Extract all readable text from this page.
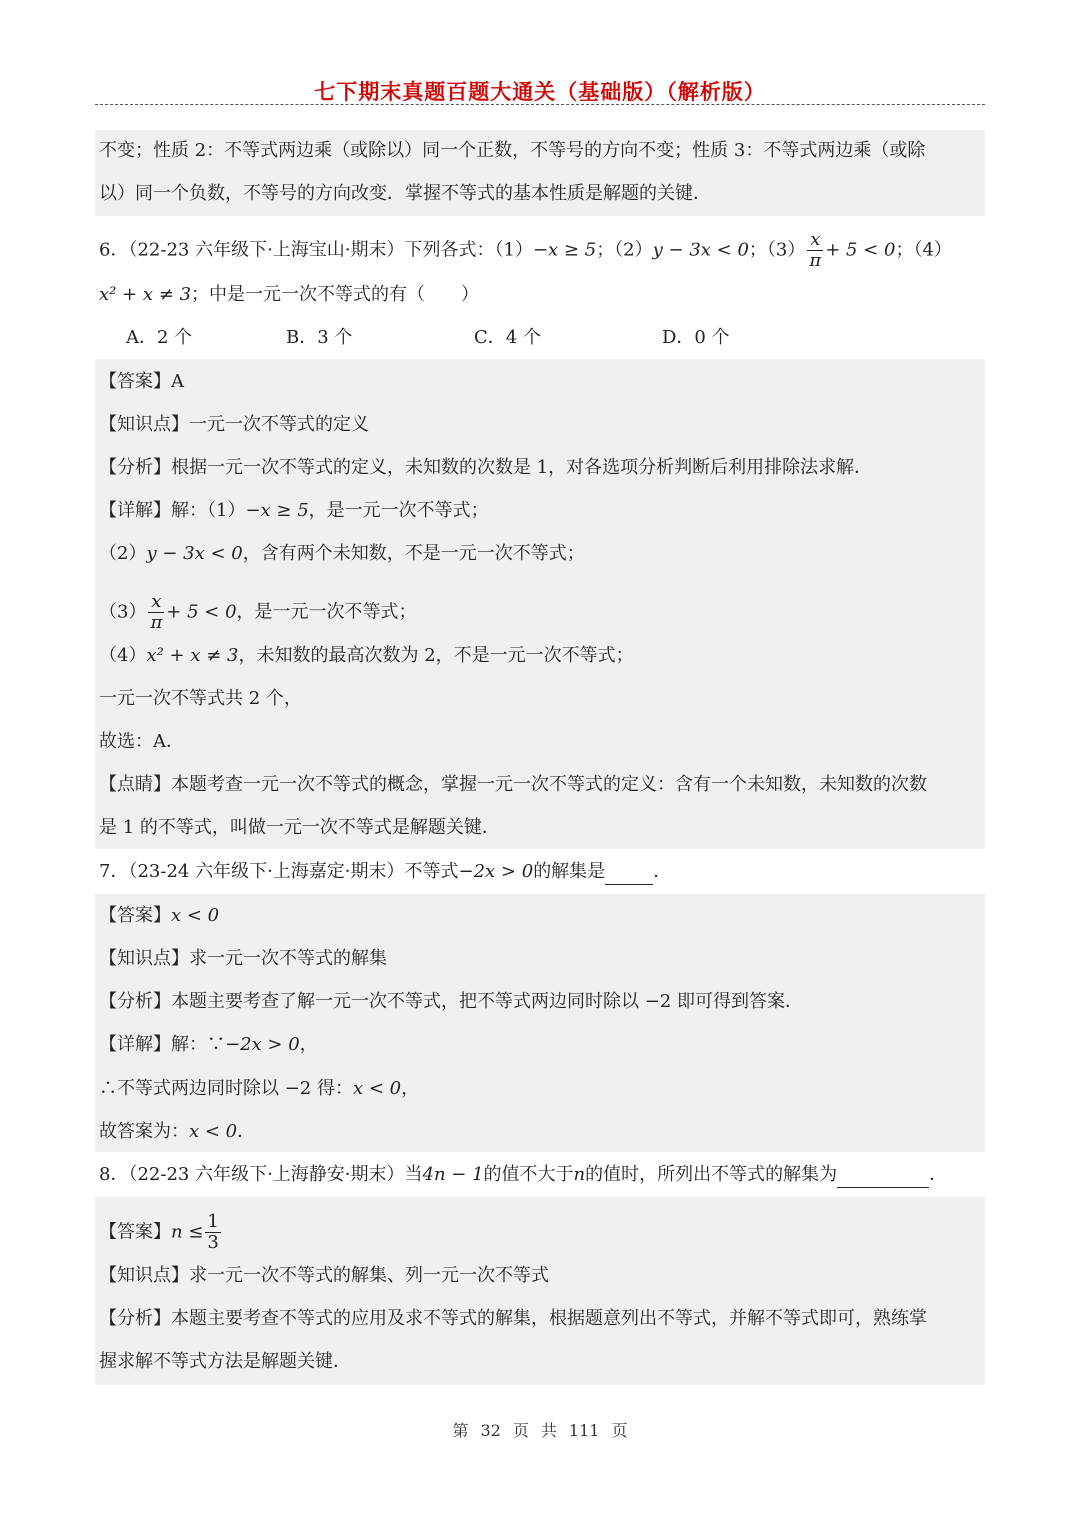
七下期末真题百题大通关（基础版）（解析版）
不变；性质 2：不等式两边乘（或除以）同一个正数，不等号的方向不变；性质 3：不等式两边乘（或除
以）同一个负数，不等号的方向改变．掌握不等式的基本性质是解题的关键．
6．（22-23 六年级下·上海宝山·期末）下列各式：（1）−x ≥ 5；（2）y − 3x < 0；$(3) \frac{x}{\pi} + 5 < 0$；（4）
x² + x ≠ 3；中是一元一次不等式的有（　　）
A．2 个	B．3 个	C．4 个	D．0 个
【答案】A
【知识点】一元一次不等式的定义
【分析】根据一元一次不等式的定义，未知数的次数是 1，对各选项分析判断后利用排除法求解．
【详解】解：（1）−x ≥ 5，是一元一次不等式；
（2）y − 3x < 0，含有两个未知数，不是一元一次不等式；
$(3) \frac{x}{\pi} + 5 < 0$，是一元一次不等式；
（4）x² + x ≠ 3，未知数的最高次数为 2，不是一元一次不等式；
一元一次不等式共 2 个，
故选：A．
【点睛】本题考查一元一次不等式的概念，掌握一元一次不等式的定义：含有一个未知数，未知数的次数
是 1 的不等式，叫做一元一次不等式是解题关键．
7．（23-24 六年级下·上海嘉定·期末）不等式−2x > 0的解集是	．
【答案】x < 0
【知识点】求一元一次不等式的解集
【分析】本题主要考查了解一元一次不等式，把不等式两边同时除以 −2 即可得到答案．
【详解】解：∵−2x > 0，
∴不等式两边同时除以 −2 得：x < 0，
故答案为：x < 0．
8．（22-23 六年级下·上海静安·期末）当4n − 1的值不大于n的值时，所列出不等式的解集为	．
【答案】$n \le \frac{1}{3}$
【知识点】求一元一次不等式的解集、列一元一次不等式
【分析】本题主要考查不等式的应用及求不等式的解集，根据题意列出不等式，并解不等式即可，熟练掌
握求解不等式方法是解题关键．
第 32 页 共 111 页
